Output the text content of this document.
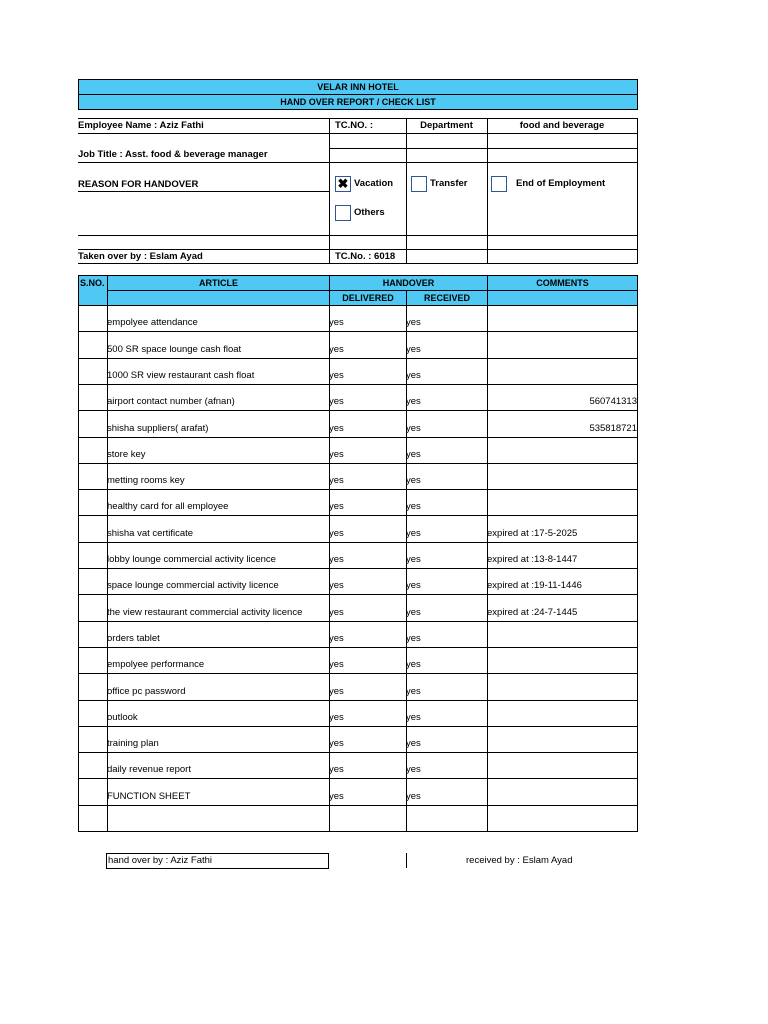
VELAR INN HOTEL
HAND OVER REPORT / CHECK LIST
Employee Name : Aziz Fathi	TC.NO. :	Department	food and beverage
Job Title : Asst. food & beverage manager
REASON FOR HANDOVER	✖ Vacation	Transfer	End of Employment
Others
Taken over by : Eslam Ayad	TC.No. : 6018
S.NO.	ARTICLE	HANDOVER	COMMENTS
DELIVERED	RECEIVED
empolyee attendance	yes	yes
500 SR space lounge cash float	yes	yes
1000 SR view restaurant cash float	yes	yes
airport contact number (afnan)	yes	yes	560741313
shisha suppliers( arafat)	yes	yes	535818721
store key	yes	yes
metting rooms key	yes	yes
healthy card for all employee	yes	yes
shisha vat certificate	yes	yes	expired at :17-5-2025
lobby lounge commercial activity licence	yes	yes	expired at :13-8-1447
space lounge commercial activity licence	yes	yes	expired at :19-11-1446
the view restaurant commercial activity licence	yes	yes	expired at :24-7-1445
orders tablet	yes	yes
empolyee performance	yes	yes
office pc password	yes	yes
outlook	yes	yes
training plan	yes	yes
daily revenue report	yes	yes
FUNCTION SHEET	yes	yes
hand over by : Aziz Fathi	received by : Eslam Ayad
